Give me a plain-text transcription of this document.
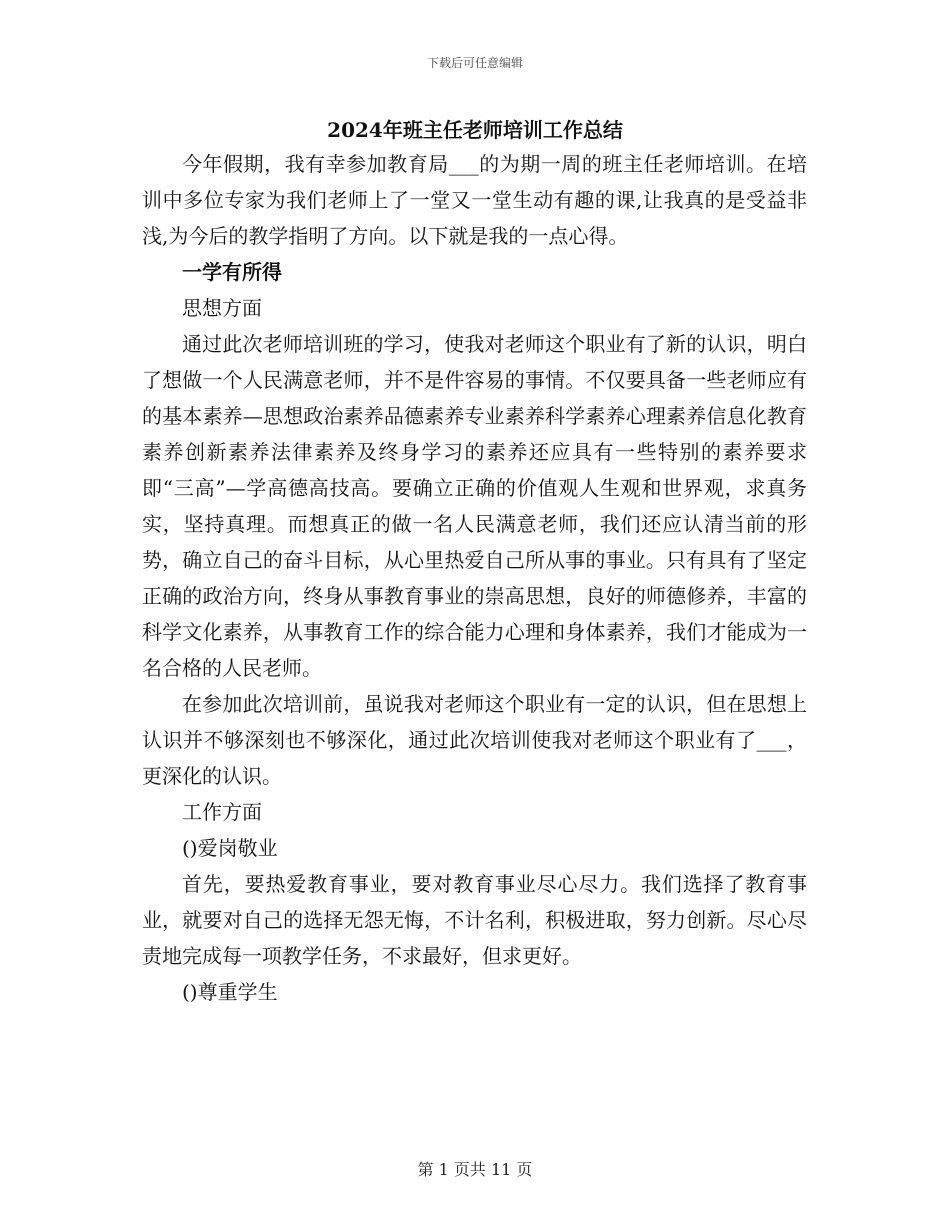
下载后可任意编辑
2024年班主任老师培训工作总结

今年假期，我有幸参加教育局___的为期一周的班主任老师培训。在培训中多位专家为我们老师上了一堂又一堂生动有趣的课,让我真的是受益非浅,为今后的教学指明了方向。以下就是我的一点心得。

一学有所得

思想方面

通过此次老师培训班的学习，使我对老师这个职业有了新的认识，明白了想做一个人民满意老师，并不是件容易的事情。不仅要具备一些老师应有的基本素养—思想政治素养品德素养专业素养科学素养心理素养信息化教育素养创新素养法律素养及终身学习的素养还应具有一些特别的素养要求即“三高”—学高德高技高。要确立正确的价值观人生观和世界观，求真务实，坚持真理。而想真正的做一名人民满意老师，我们还应认清当前的形势，确立自己的奋斗目标，从心里热爱自己所从事的事业。只有具有了坚定正确的政治方向，终身从事教育事业的崇高思想，良好的师德修养，丰富的科学文化素养，从事教育工作的综合能力心理和身体素养，我们才能成为一名合格的人民老师。

在参加此次培训前，虽说我对老师这个职业有一定的认识，但在思想上认识并不够深刻也不够深化，通过此次培训使我对老师这个职业有了___，更深化的认识。

工作方面

()爱岗敬业

首先，要热爱教育事业，要对教育事业尽心尽力。我们选择了教育事业，就要对自己的选择无怨无悔，不计名利，积极进取，努力创新。尽心尽责地完成每一项教学任务，不求最好，但求更好。

()尊重学生

第 1 页共 11 页
